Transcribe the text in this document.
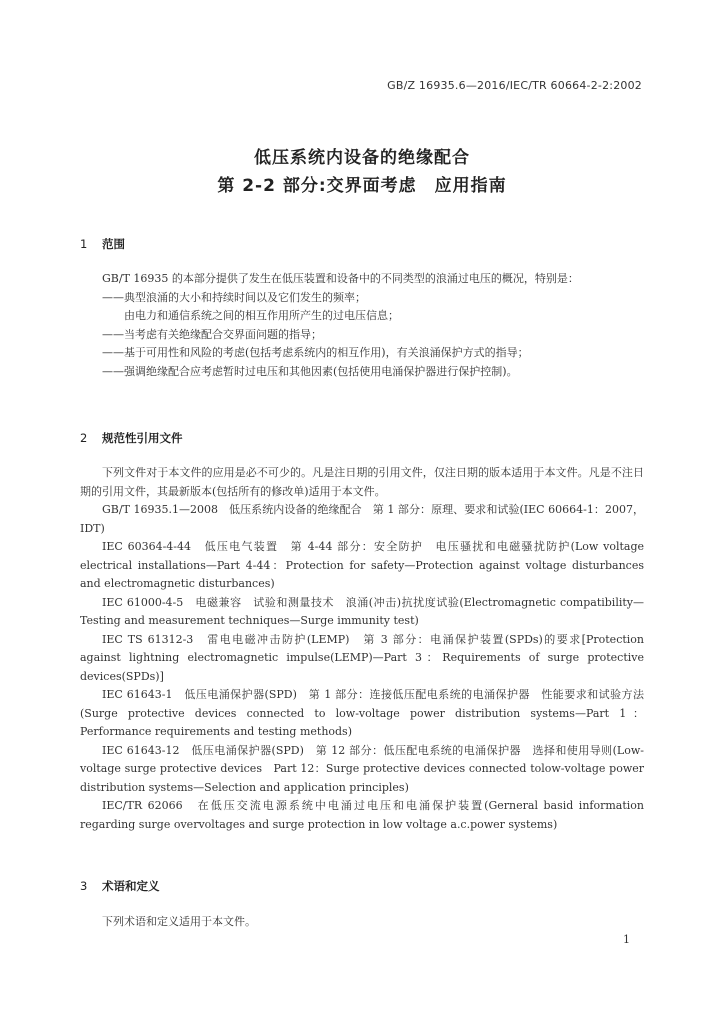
GB/Z 16935.6—2016/IEC/TR 60664-2-2:2002
低压系统内设备的绝缘配合
第 2-2 部分:交界面考虑　应用指南
1 范围

GB/T 16935 的本部分提供了发生在低压装置和设备中的不同类型的浪涌过电压的概况，特别是：

——典型浪涌的大小和持续时间以及它们发生的频率；

由电力和通信系统之间的相互作用所产生的过电压信息；

——当考虑有关绝缘配合交界面问题的指导；

——基于可用性和风险的考虑(包括考虑系统内的相互作用)，有关浪涌保护方式的指导；

——强调绝缘配合应考虑暂时过电压和其他因素(包括使用电涌保护器进行保护控制)。

2 规范性引用文件

下列文件对于本文件的应用是必不可少的。凡是注日期的引用文件，仅注日期的版本适用于本文件。凡是不注日期的引用文件，其最新版本(包括所有的修改单)适用于本文件。

GB/T 16935.1—2008　低压系统内设备的绝缘配合　第 1 部分：原理、要求和试验(IEC 60664-1：2007，IDT)

IEC 60364-4-44　低压电气装置　第 4-44 部分：安全防护　电压骚扰和电磁骚扰防护(Low voltage electrical installations—Part 4-44：Protection for safety—Protection against voltage disturbances and electromagnetic disturbances)

IEC 61000-4-5　电磁兼容　试验和测量技术　浪涌(冲击)抗扰度试验(Electromagnetic compatibility—Testing and measurement techniques—Surge immunity test)

IEC TS 61312-3　雷电电磁冲击防护(LEMP)　第 3 部分：电涌保护装置(SPDs)的要求[Protection against lightning electromagnetic impulse(LEMP)—Part 3：Requirements of surge protective devices(SPDs)]

IEC 61643-1　低压电涌保护器(SPD)　第 1 部分：连接低压配电系统的电涌保护器　性能要求和试验方法(Surge protective devices connected to low-voltage power distribution systems—Part 1：Performance requirements and testing methods)

IEC 61643-12　低压电涌保护器(SPD)　第 12 部分：低压配电系统的电涌保护器　选择和使用导则(Low-voltage surge protective devices　Part 12：Surge protective devices connected tolow-voltage power distribution systems—Selection and application principles)

IEC/TR 62066　在低压交流电源系统中电涌过电压和电涌保护装置(Gerneral basid information regarding surge overvoltages and surge protection in low voltage a.c.power systems)

3 术语和定义

下列术语和定义适用于本文件。

1
